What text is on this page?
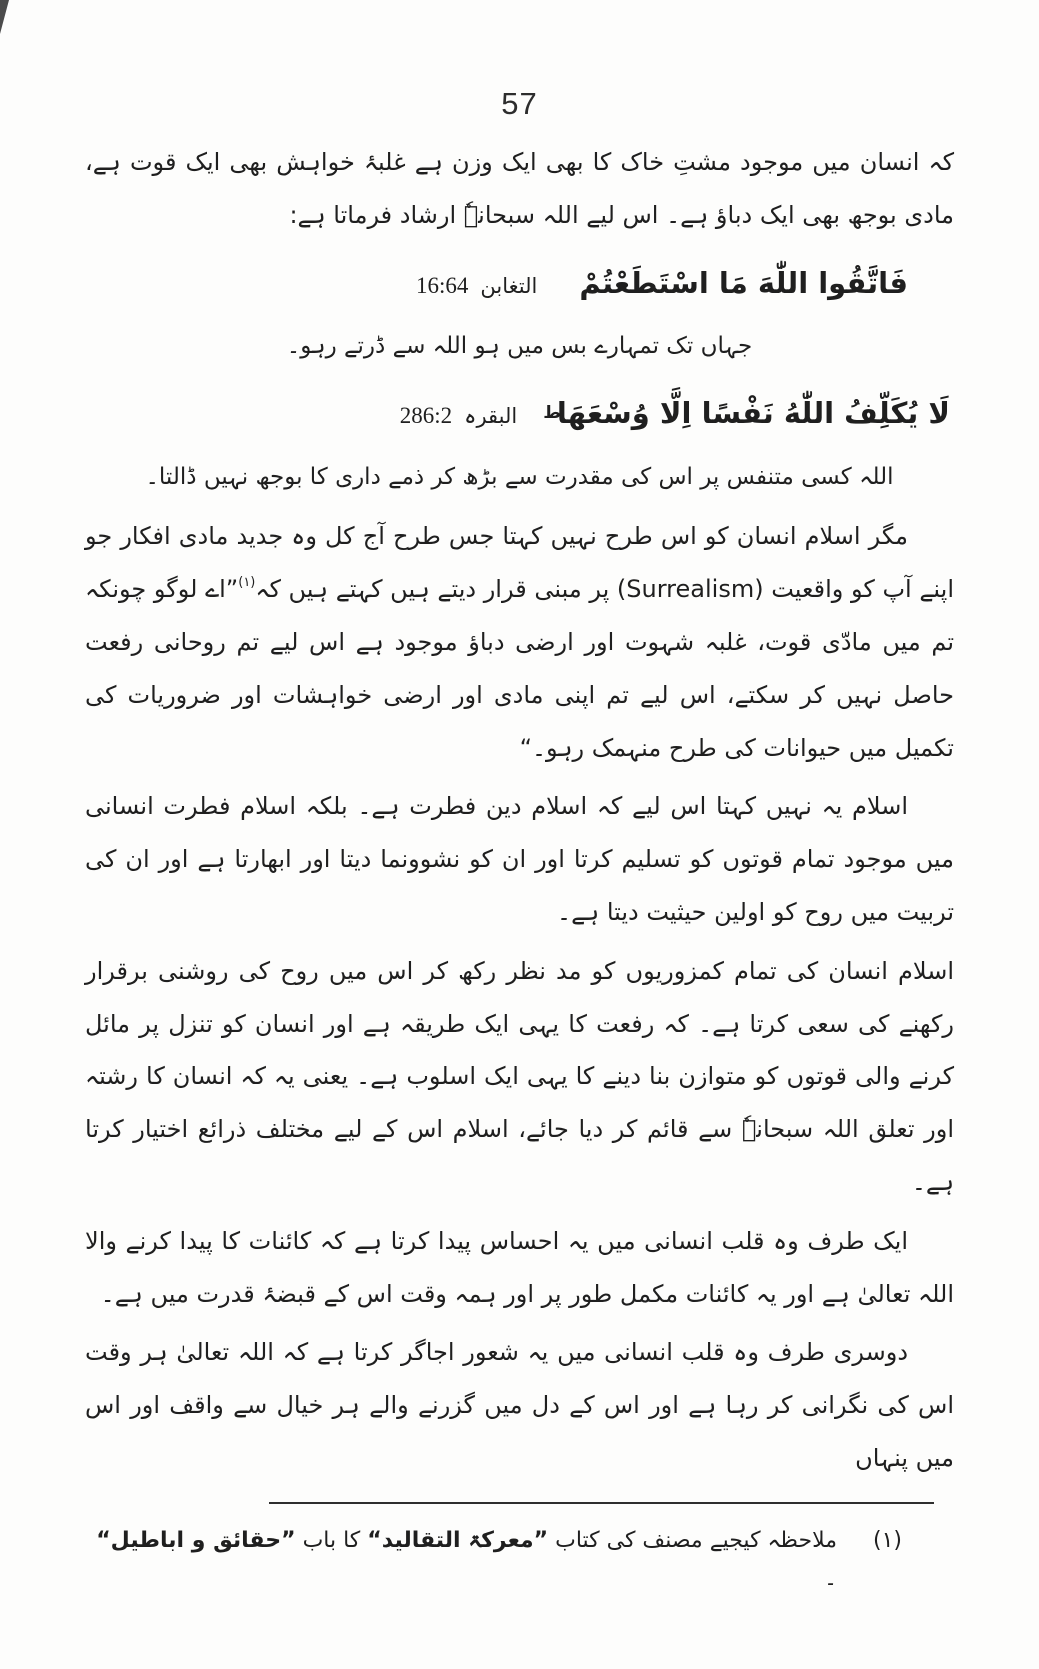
57

کہ انسان میں موجود مشتِ خاک کا بھی ایک وزن ہے غلبۂ خواہش بھی ایک قوت ہے، مادی بوجھ بھی ایک دباؤ ہے۔ اس لیے اللہ سبحانہٗ ارشاد فرماتا ہے:

فَاتَّقُوا اللّٰهَ مَا اسْتَطَعْتُمْ
التغابن
16:64

جہاں تک تمہارے بس میں ہو اللہ سے ڈرتے رہو۔

لَا يُكَلِّفُ اللّٰهُ نَفْسًا اِلَّا وُسْعَهَا
ط
البقرہ
286:2

اللہ کسی متنفس پر اس کی مقدرت سے بڑھ کر ذمے داری کا بوجھ نہیں ڈالتا۔

مگر اسلام انسان کو اس طرح نہیں کہتا جس طرح آج کل وہ جدید مادی افکار جو اپنے آپ کو واقعیت (Surrealism) پر مبنی قرار دیتے ہیں کہتے ہیں کہ$^{(۱)}$”اے لوگو چونکہ تم میں مادّی قوت، غلبہ شہوت اور ارضی دباؤ موجود ہے اس لیے تم روحانی رفعت حاصل نہیں کر سکتے، اس لیے تم اپنی مادی اور ارضی خواہشات اور ضروریات کی تکمیل میں حیوانات کی طرح منہمک رہو۔“

اسلام یہ نہیں کہتا اس لیے کہ اسلام دین فطرت ہے۔ بلکہ اسلام فطرت انسانی میں موجود تمام قوتوں کو تسلیم کرتا اور ان کو نشوونما دیتا اور ابھارتا ہے اور ان کی تربیت میں روح کو اولین حیثیت دیتا ہے۔

اسلام انسان کی تمام کمزوریوں کو مد نظر رکھ کر اس میں روح کی روشنی برقرار رکھنے کی سعی کرتا ہے۔ کہ رفعت کا یہی ایک طریقہ ہے اور انسان کو تنزل پر مائل کرنے والی قوتوں کو متوازن بنا دینے کا یہی ایک اسلوب ہے۔ یعنی یہ کہ انسان کا رشتہ اور تعلق اللہ سبحانہٗ سے قائم کر دیا جائے، اسلام اس کے لیے مختلف ذرائع اختیار کرتا ہے۔

ایک طرف وہ قلب انسانی میں یہ احساس پیدا کرتا ہے کہ کائنات کا پیدا کرنے والا اللہ تعالیٰ ہے اور یہ کائنات مکمل طور پر اور ہمہ وقت اس کے قبضۂ قدرت میں ہے۔

دوسری طرف وہ قلب انسانی میں یہ شعور اجاگر کرتا ہے کہ اللہ تعالیٰ ہر وقت اس کی نگرانی کر رہا ہے اور اس کے دل میں گزرنے والے ہر خیال سے واقف اور اس میں پنہاں

(۱)
ملاحظہ کیجیے مصنف کی کتاب ”معرکۃ التقالید“ کا باب ”حقائق و اباطیل“ ۔
